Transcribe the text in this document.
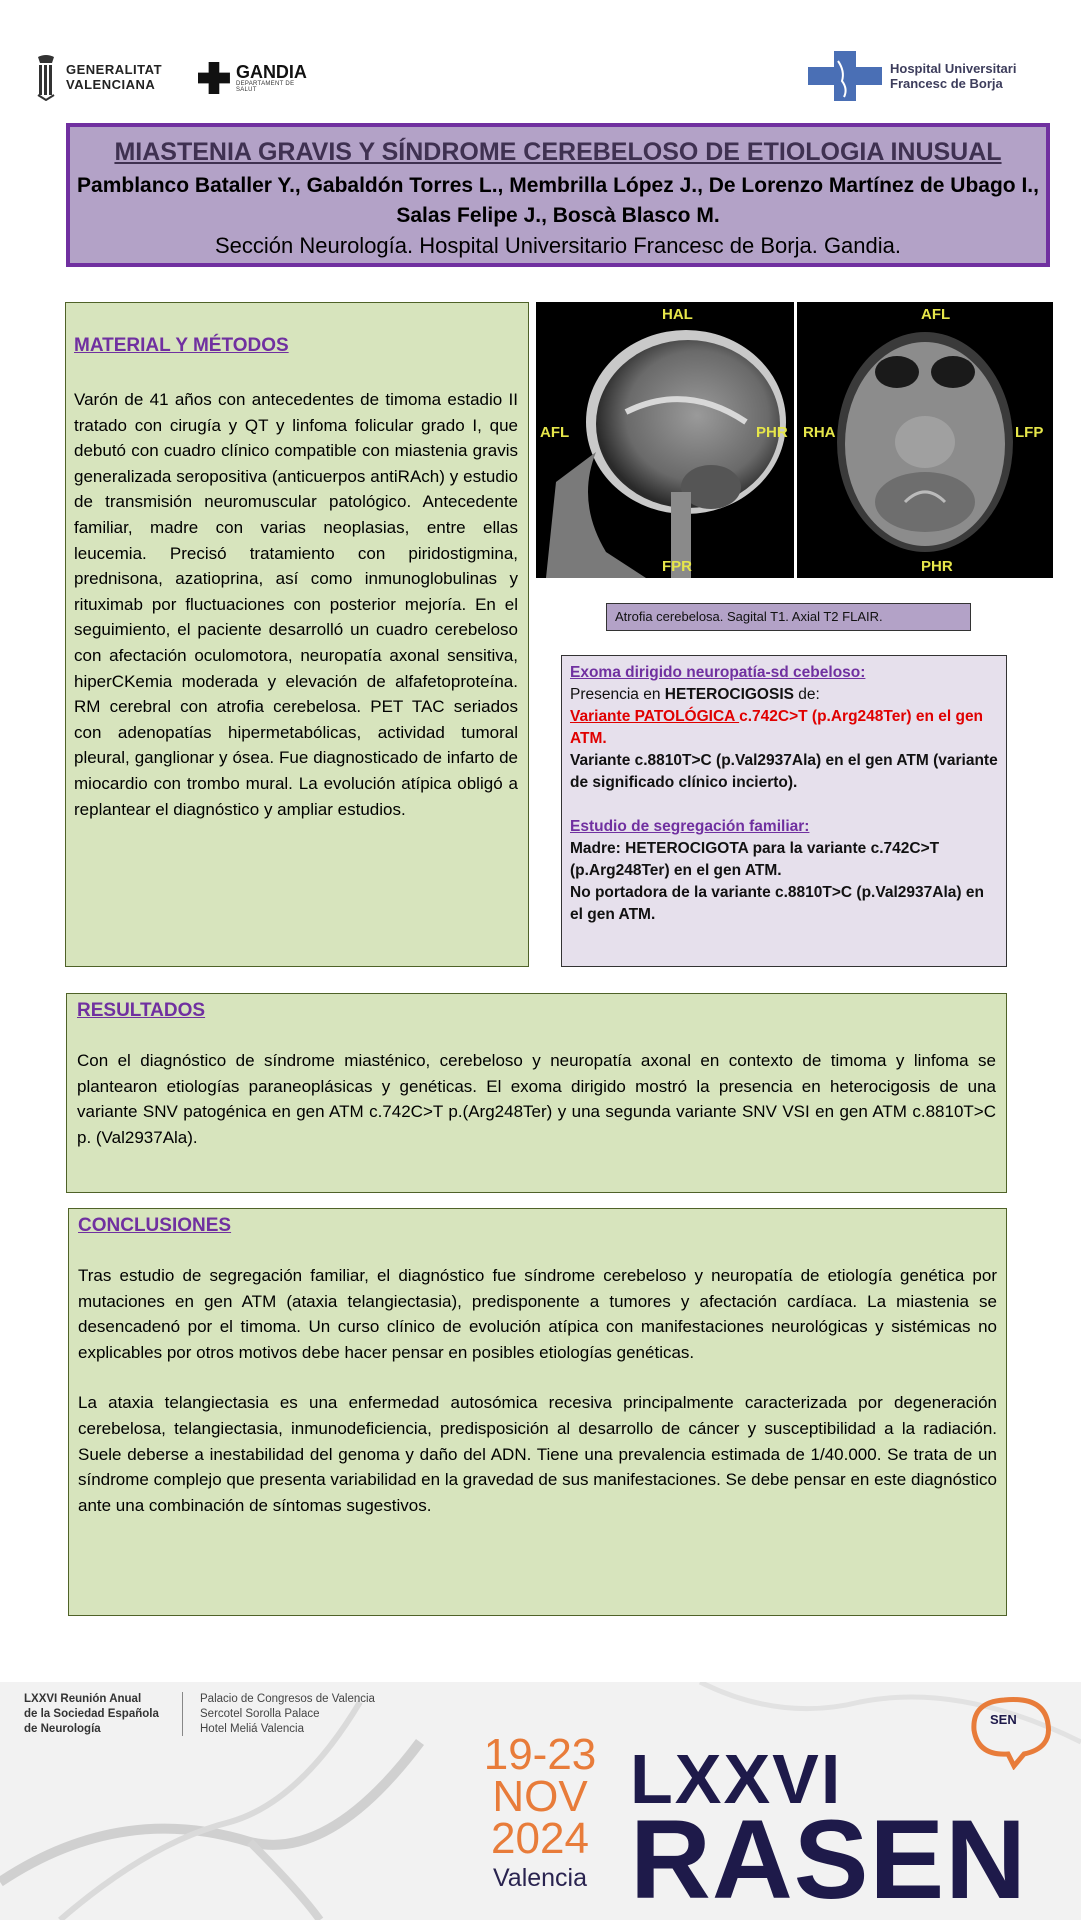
GENERALITAT
VALENCIANA
GANDIA
DEPARTAMENT DE SALUT
Hospital Universitari
Francesc de Borja
MIASTENIA GRAVIS Y SÍNDROME CEREBELOSO DE ETIOLOGIA INUSUAL
Pamblanco Bataller Y., Gabaldón Torres L., Membrilla López J., De Lorenzo Martínez de Ubago I., Salas Felipe J., Boscà Blasco M.
Sección Neurología. Hospital Universitario Francesc de Borja. Gandia.
MATERIAL Y MÉTODOS
Varón de 41 años con antecedentes de timoma estadio II tratado con cirugía y QT y linfoma folicular grado I, que debutó con cuadro clínico compatible con miastenia gravis generalizada seropositiva (anticuerpos antiRAch) y estudio de transmisión neuromuscular patológico. Antecedente familiar, madre con varias neoplasias, entre ellas leucemia. Precisó tratamiento con piridostigmina, prednisona, azatioprina, así como inmunoglobulinas y rituximab por fluctuaciones con posterior mejoría. En el seguimiento, el paciente desarrolló un cuadro cerebeloso con afectación oculomotora, neuropatía axonal sensitiva, hiperCKemia moderada y elevación de alfafetoproteína. RM cerebral con atrofia cerebelosa. PET TAC seriados con adenopatías hipermetabólicas, actividad tumoral pleural, ganglionar y ósea. Fue diagnosticado de infarto de miocardio con trombo mural. La evolución atípica obligó a replantear el diagnóstico y ampliar estudios.
HAL
AFL	PHR
FPR
AFL
RHA	LFP
PHR
Atrofia cerebelosa. Sagital T1. Axial T2 FLAIR.
Exoma dirigido neuropatía-sd cebeloso:
Presencia en HETEROCIGOSIS de:
Variante PATOLÓGICA c.742C>T (p.Arg248Ter) en el gen ATM.
Variante c.8810T>C (p.Val2937Ala) en el gen ATM (variante de significado clínico incierto).
Estudio de segregación familiar:
Madre: HETEROCIGOTA para la variante c.742C>T (p.Arg248Ter) en el gen ATM.
No portadora de la variante c.8810T>C (p.Val2937Ala) en el gen ATM.
RESULTADOS
Con el diagnóstico de síndrome miasténico, cerebeloso y neuropatía axonal en contexto de timoma y linfoma se plantearon etiologías paraneoplásicas y genéticas. El exoma dirigido mostró la presencia en heterocigosis de una variante SNV patogénica en gen ATM c.742C>T p.(Arg248Ter) y una segunda variante SNV VSI en gen ATM c.8810T>C p. (Val2937Ala).
CONCLUSIONES
Tras estudio de segregación familiar, el diagnóstico fue síndrome cerebeloso y neuropatía de etiología genética por mutaciones en gen ATM (ataxia telangiectasia), predisponente a tumores y afectación cardíaca. La miastenia se desencadenó por el timoma. Un curso clínico de evolución atípica con manifestaciones neurológicas y sistémicas no explicables por otros motivos debe hacer pensar en posibles etiologías genéticas.
La ataxia telangiectasia es una enfermedad autosómica recesiva principalmente caracterizada por degeneración cerebelosa, telangiectasia, inmunodeficiencia, predisposición al desarrollo de cáncer y susceptibilidad a la radiación. Suele deberse a inestabilidad del genoma y daño del ADN. Tiene una prevalencia estimada de 1/40.000. Se trata de un síndrome complejo que presenta variabilidad en la gravedad de sus manifestaciones. Se debe pensar en este diagnóstico ante una combinación de síntomas sugestivos.
LXXVI Reunión Anual
de la Sociedad Española
de Neurología
Palacio de Congresos de Valencia
Sercotel Sorolla Palace
Hotel Meliá Valencia
19-23
NOV
2024
Valencia
LXXVI
RASEN
SEN
